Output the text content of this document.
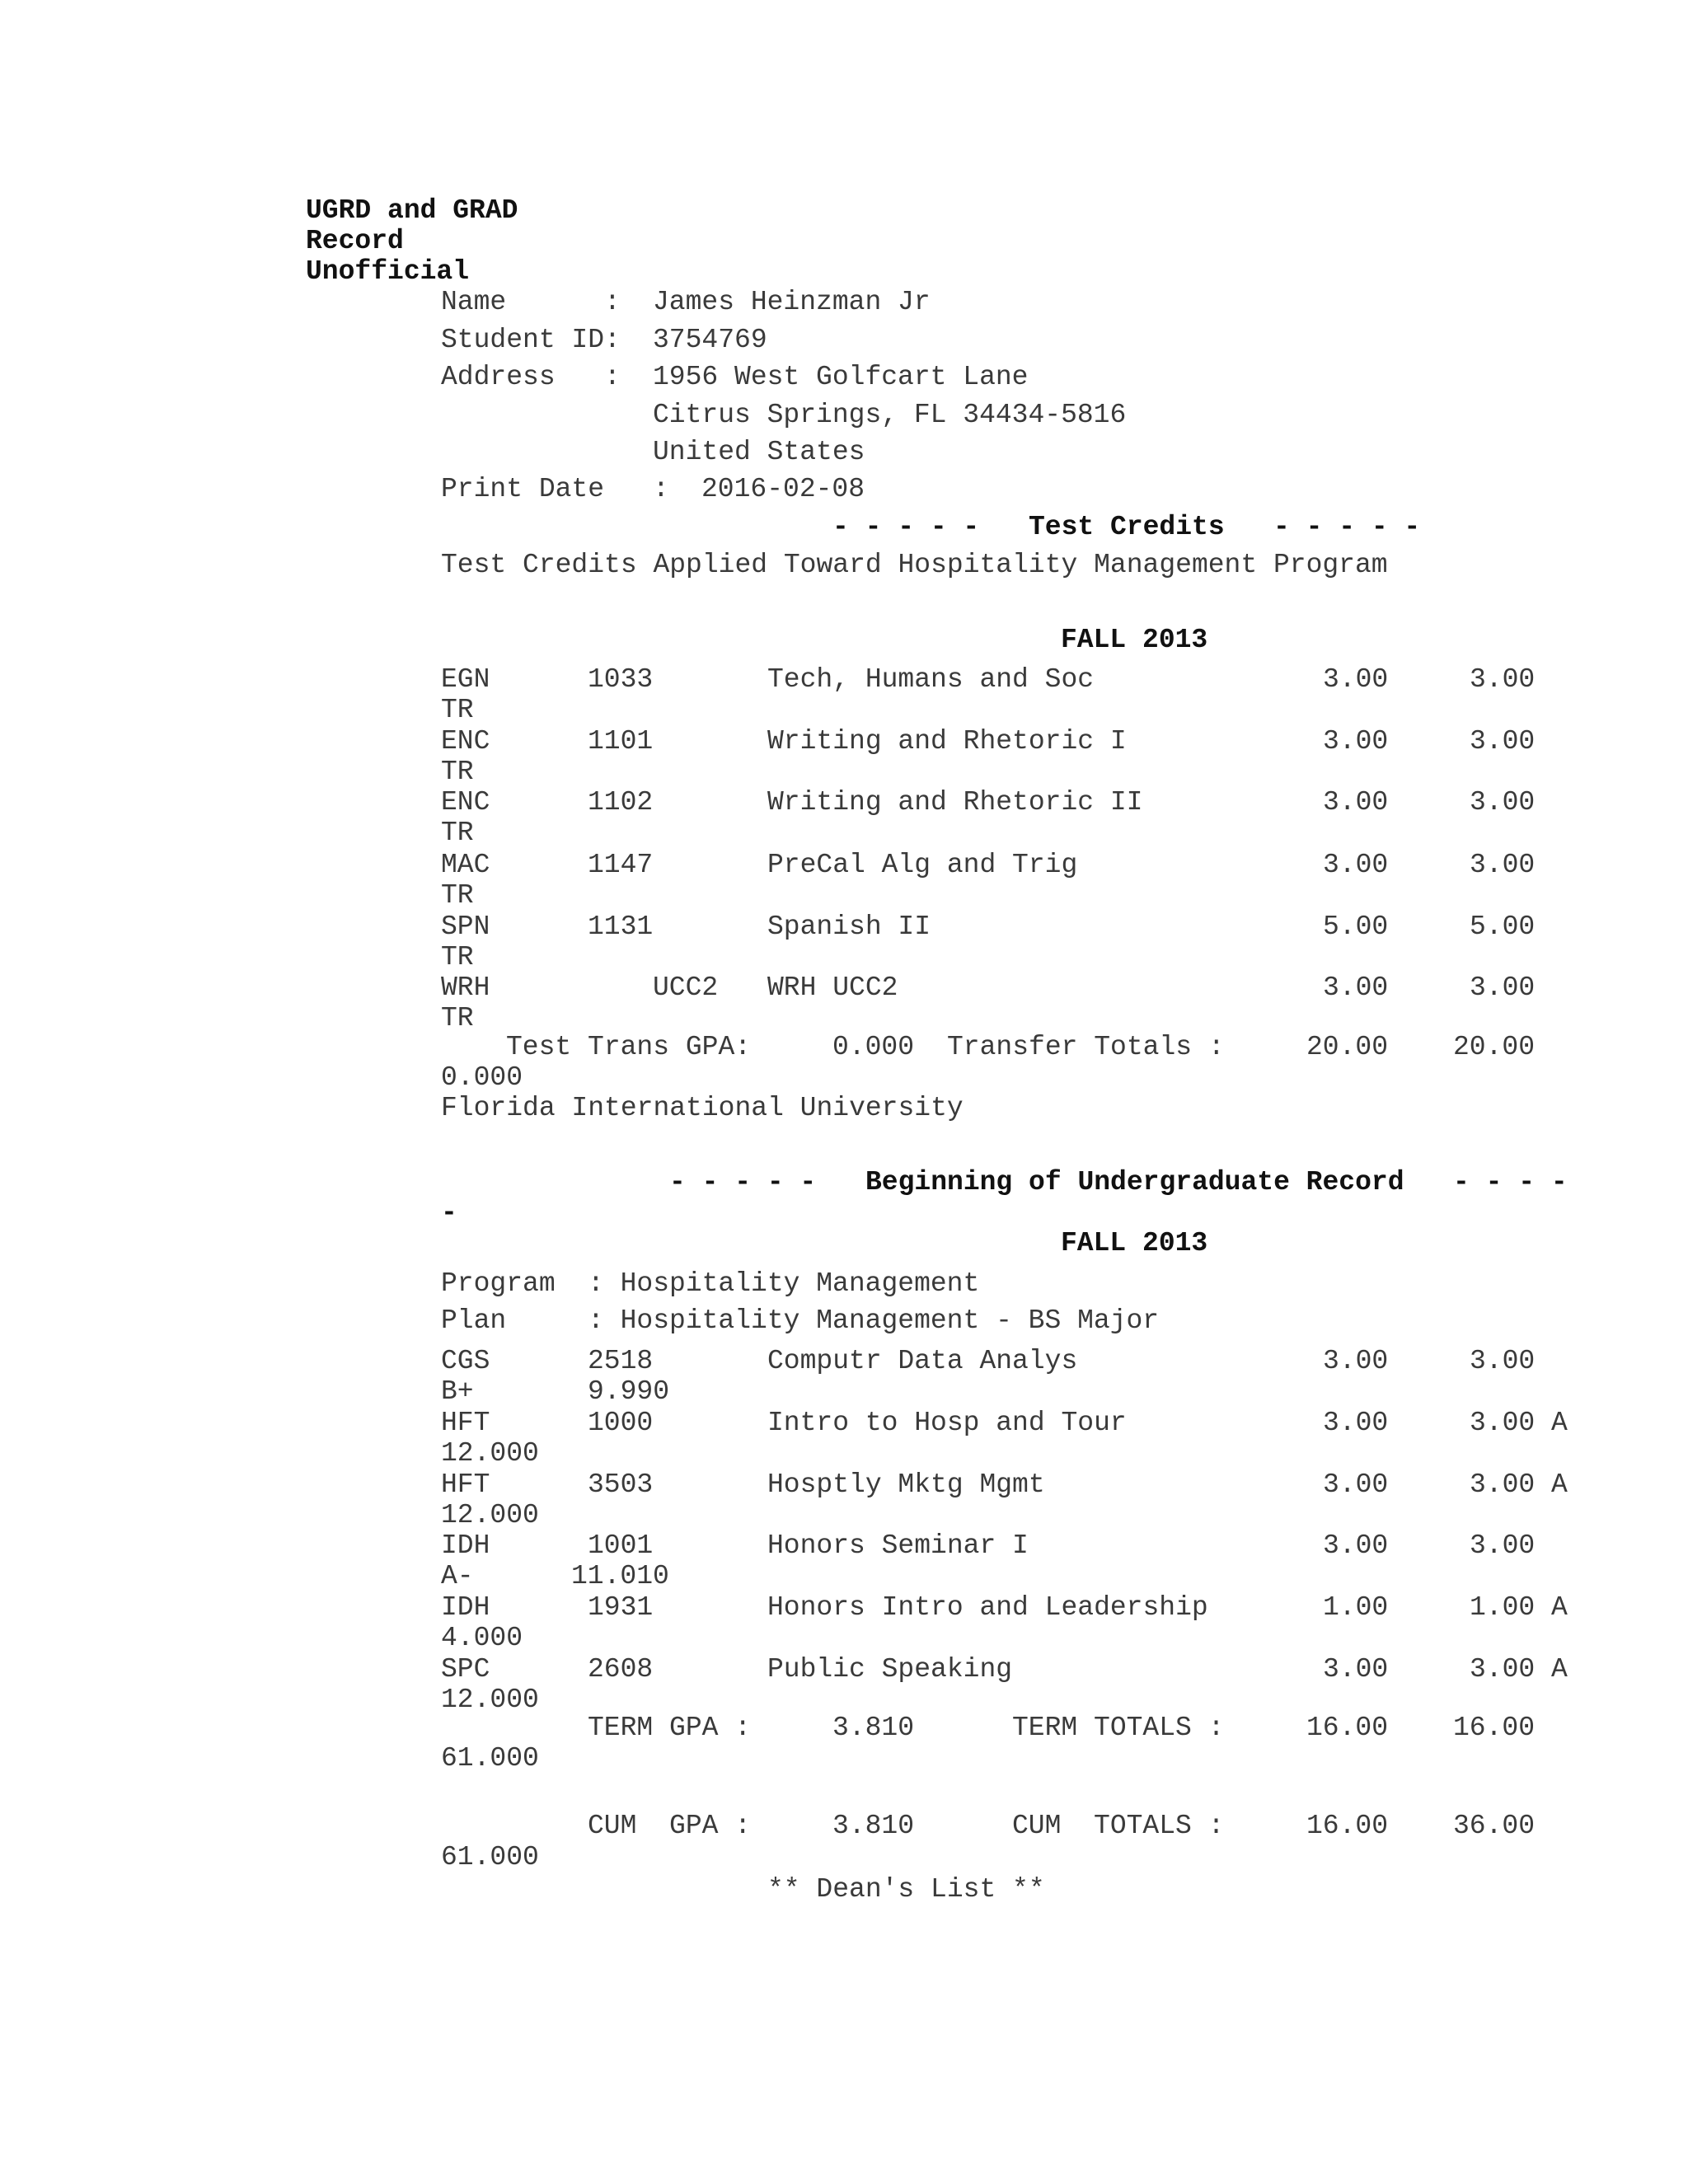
UGRD and GRAD
Record
Unofficial
Name	: James Heinzman Jr
Student ID: 3754769
Address : 1956 West Golfcart Lane
Citrus Springs, FL 34434-5816
United States
Print Date : 2016-02-08
- - - - - Test Credits - - - - -
Test Credits Applied Toward Hospitality Management Program
FALL 2013
EGN	1033	Tech, Humans and Soc	3.00	3.00
TR
ENC	1101	Writing and Rhetoric I	3.00	3.00
TR
ENC	1102	Writing and Rhetoric II	3.00	3.00
TR
MAC	1147	PreCal Alg and Trig	3.00	3.00
TR
SPN	1131	Spanish II	5.00	5.00
TR
WRH	UCC2 WRH UCC2	3.00	3.00
TR
Test Trans GPA:	0.000 Transfer Totals :	20.00 20.00
0.000
Florida International University
- - - - - Beginning of Undergraduate Record - - - -
-
FALL 2013
Program : Hospitality Management
Plan	: Hospitality Management - BS Major
CGS	2518	Computr Data Analys	3.00	3.00
B+	9.990
HFT	1000	Intro to Hosp and Tour	3.00	3.00 A
12.000
HFT	3503	Hosptly Mktg Mgmt	3.00	3.00 A
12.000
IDH	1001	Honors Seminar I	3.00	3.00
A-	11.010
IDH	1931	Honors Intro and Leadership	1.00	1.00 A
4.000
SPC	2608	Public Speaking	3.00	3.00 A
12.000
TERM GPA :	3.810	TERM TOTALS :	16.00 16.00
61.000
CUM  GPA :	3.810	CUM  TOTALS :	16.00 36.00
61.000
** Dean's List **
